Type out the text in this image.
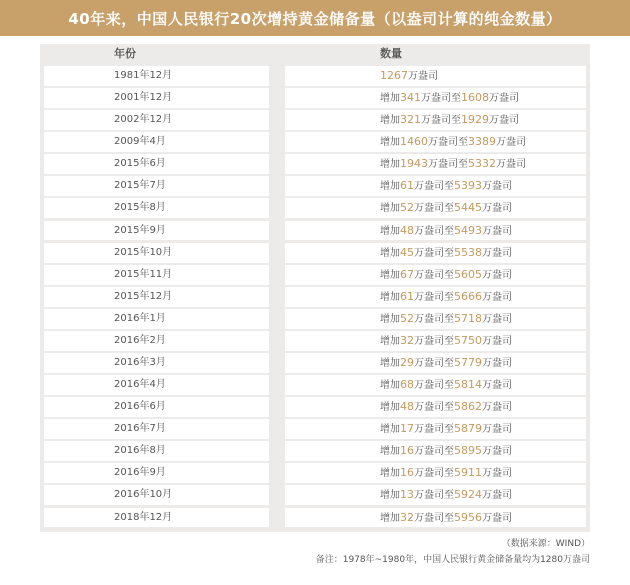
40年来，中国人民银行20次增持黄金储备量（以盎司计算的纯金数量）
年份
1981年12月
2001年12月
2002年12月
2009年4月
2015年6月
2015年7月
2015年8月
2015年9月
2015年10月
2015年11月
2015年12月
2016年1月
2016年2月
2016年3月
2016年4月
2016年6月
2016年7月
2016年8月
2016年9月
2016年10月
2018年12月
数量
1267万盎司
增加341万盎司至1608万盎司
增加321万盎司至1929万盎司
增加1460万盎司至3389万盎司
增加1943万盎司至5332万盎司
增加61万盎司至5393万盎司
增加52万盎司至5445万盎司
增加48万盎司至5493万盎司
增加45万盎司至5538万盎司
增加67万盎司至5605万盎司
增加61万盎司至5666万盎司
增加52万盎司至5718万盎司
增加32万盎司至5750万盎司
增加29万盎司至5779万盎司
增加68万盎司至5814万盎司
增加48万盎司至5862万盎司
增加17万盎司至5879万盎司
增加16万盎司至5895万盎司
增加16万盎司至5911万盎司
增加13万盎司至5924万盎司
增加32万盎司至5956万盎司
（数据来源：WIND）
备注：1978年~1980年，中国人民银行黄金储备量均为1280万盎司
